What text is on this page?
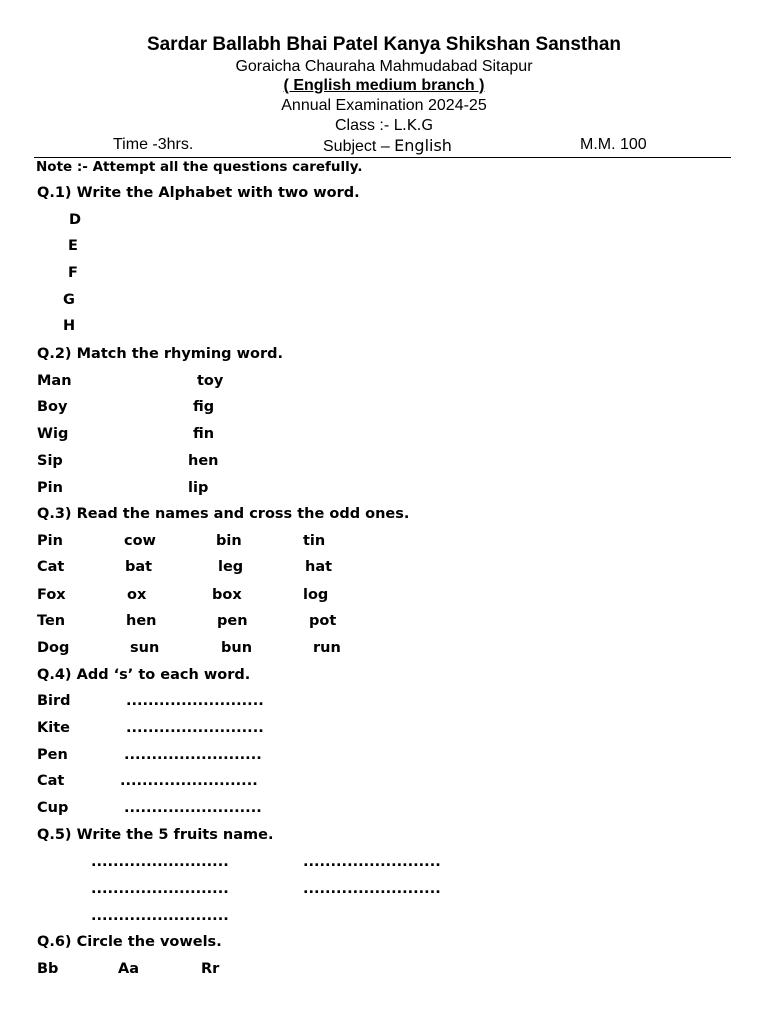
Sardar Ballabh Bhai Patel Kanya Shikshan Sansthan
Goraicha Chauraha Mahmudabad Sitapur
( English medium branch )
Annual Examination 2024-25
Class :- L.K.G
Time -3hrs.	Subject – English	M.M. 100
Note :- Attempt all the questions carefully.
Q.1) Write the Alphabet with two word.
D
E
F
G
H
Q.2) Match the rhyming word.
Man	toy
Boy	fig
Wig	fin
Sip	hen
Pin	lip
Q.3) Read the names and cross the odd ones.
Pin	cow	bin	tin
Cat	bat	leg	hat
Fox	ox	box	log
Ten	hen	pen	pot
Dog	sun	bun	run
Q.4) Add ‘s’ to each word.
Bird	.........................
Kite	.........................
Pen	.........................
Cat	.........................
Cup	.........................
Q.5) Write the 5 fruits name.
.........................	.........................
.........................	.........................
.........................
Q.6) Circle the vowels.
Bb	Aa	Rr
